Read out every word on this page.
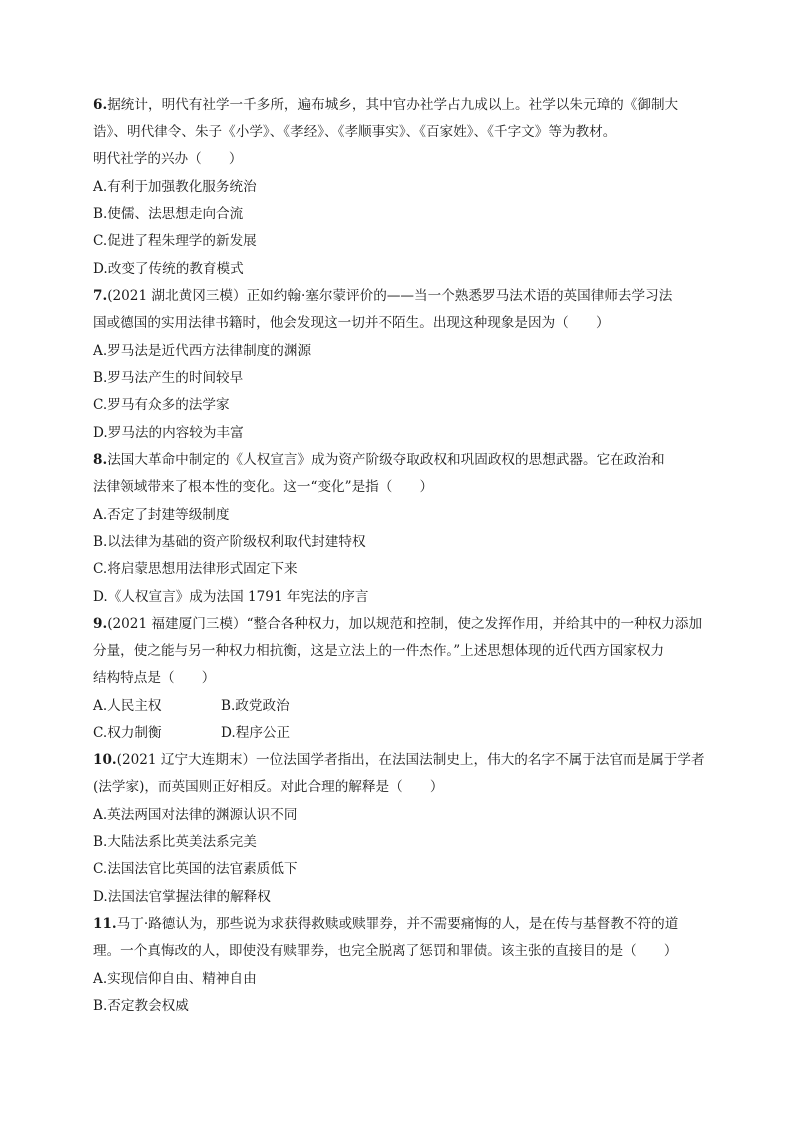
6.据统计，明代有社学一千多所，遍布城乡，其中官办社学占九成以上。社学以朱元璋的《御制大
诰》、明代律令、朱子《小学》、《孝经》、《孝顺事实》、《百家姓》、《千字文》等为教材。
明代社学的兴办（　　）
A.有利于加强教化服务统治
B.使儒、法思想走向合流
C.促进了程朱理学的新发展
D.改变了传统的教育模式
7.(2021 湖北黄冈三模）正如约翰·塞尔蒙评价的——当一个熟悉罗马法术语的英国律师去学习法
国或德国的实用法律书籍时，他会发现这一切并不陌生。出现这种现象是因为（　　）
A.罗马法是近代西方法律制度的渊源
B.罗马法产生的时间较早
C.罗马有众多的法学家
D.罗马法的内容较为丰富
8.法国大革命中制定的《人权宣言》成为资产阶级夺取政权和巩固政权的思想武器。它在政治和
法律领域带来了根本性的变化。这一“变化”是指（　　）
A.否定了封建等级制度
B.以法律为基础的资产阶级权利取代封建特权
C.将启蒙思想用法律形式固定下来
D.《人权宣言》成为法国 1791 年宪法的序言
9.(2021 福建厦门三模）“整合各种权力，加以规范和控制，使之发挥作用，并给其中的一种权力添加
分量，使之能与另一种权力相抗衡，这是立法上的一件杰作。”上述思想体现的近代西方国家权力
结构特点是（　　）
A.人民主权	B.政党政治
C.权力制衡	D.程序公正
10.(2021 辽宁大连期末）一位法国学者指出，在法国法制史上，伟大的名字不属于法官而是属于学者
(法学家)，而英国则正好相反。对此合理的解释是（　　）
A.英法两国对法律的渊源认识不同
B.大陆法系比英美法系完美
C.法国法官比英国的法官素质低下
D.法国法官掌握法律的解释权
11.马丁·路德认为，那些说为求获得救赎或赎罪券，并不需要痛悔的人，是在传与基督教不符的道
理。一个真悔改的人，即使没有赎罪券，也完全脱离了惩罚和罪债。该主张的直接目的是（　　）
A.实现信仰自由、精神自由
B.否定教会权威
